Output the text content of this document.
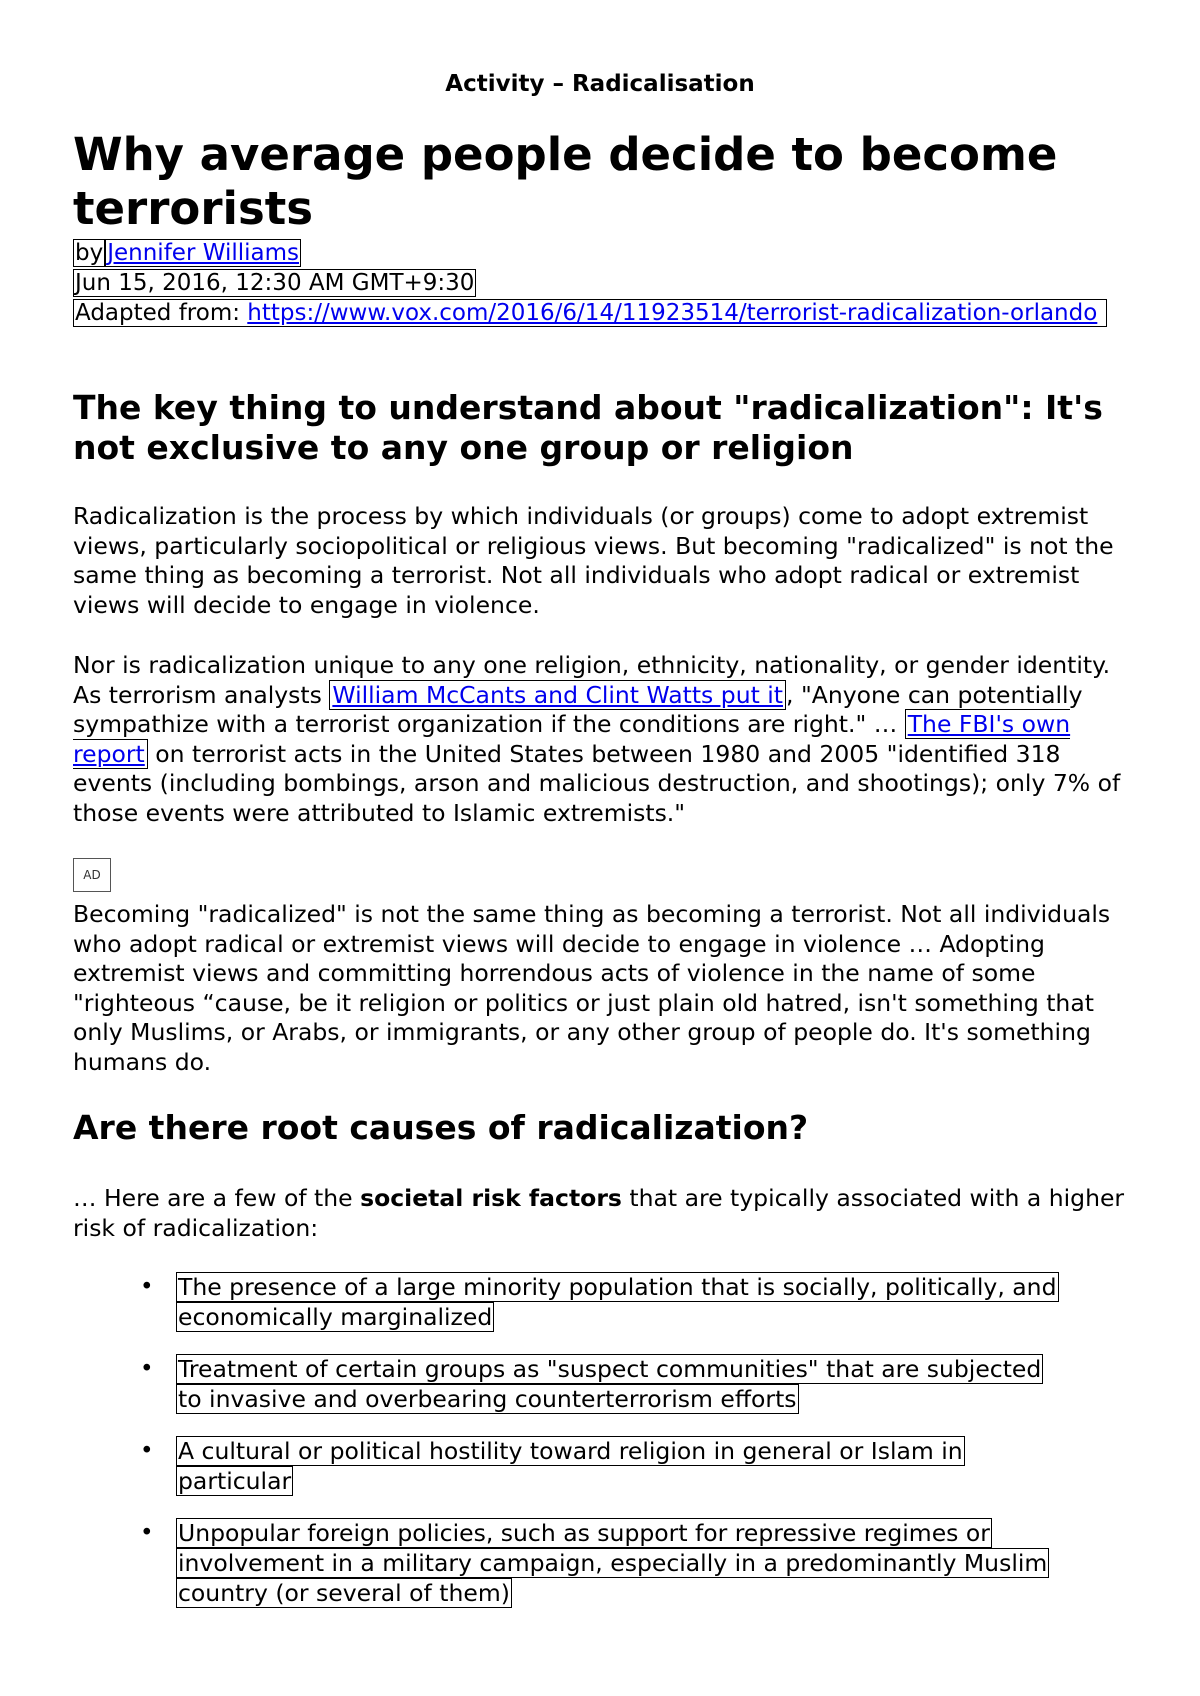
Activity – Radicalisation
Why average people decide to become terrorists
by Jennifer Williams
Jun 15, 2016, 12:30 AM GMT+9:30
Adapted from: https://www.vox.com/2016/6/14/11923514/terrorist-radicalization-orlando
The key thing to understand about "radicalization": It's not exclusive to any one group or religion

Radicalization is the process by which individuals (or groups) come to adopt extremist views, particularly sociopolitical or religious views. But becoming "radicalized" is not the same thing as becoming a terrorist. Not all individuals who adopt radical or extremist views will decide to engage in violence.

Nor is radicalization unique to any one religion, ethnicity, nationality, or gender identity. As terrorism analysts William McCants and Clint Watts put it , "Anyone can potentially sympathize with a terrorist organization if the conditions are right." … The FBI's own report on terrorist acts in the United States between 1980 and 2005 "identified 318 events (including bombings, arson and malicious destruction, and shootings); only 7% of those events were attributed to Islamic extremists."

AD

Becoming "radicalized" is not the same thing as becoming a terrorist. Not all individuals who adopt radical or extremist views will decide to engage in violence … Adopting extremist views and committing horrendous acts of violence in the name of some "righteous “cause, be it religion or politics or just plain old hatred, isn't something that only Muslims, or Arabs, or immigrants, or any other group of people do. It's something humans do.

Are there root causes of radicalization?

… Here are a few of the societal risk factors that are typically associated with a higher risk of radicalization:

• The presence of a large minority population that is socially, politically, and
economically marginalized
• Treatment of certain groups as "suspect communities" that are subjected
to invasive and overbearing counterterrorism efforts
• A cultural or political hostility toward religion in general or Islam in
particular
• Unpopular foreign policies, such as support for repressive regimes or
involvement in a military campaign, especially in a predominantly Muslim
country (or several of them)
